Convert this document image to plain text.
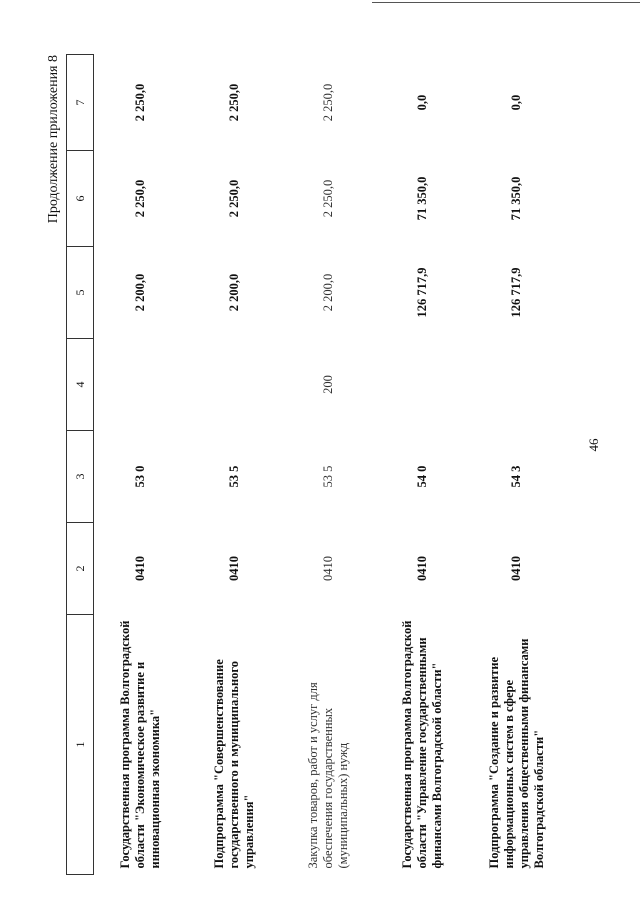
46
Продолжение приложения 8
1	2	3	4	5	6	7
Государственная программа Волгоградской области "Экономическое развитие и инновационная экономика"	0410	53 0		2 200,0	2 250,0	2 250,0
Подпрограмма "Совершенствование государственного и муниципального управления"	0410	53 5		2 200,0	2 250,0	2 250,0
Закупка товаров, работ и услуг для обеспечения государственных (муниципальных) нужд	0410	53 5	200	2 200,0	2 250,0	2 250,0
Государственная программа Волгоградской области "Управление государственными финансами Волгоградской области"	0410	54 0		126 717,9	71 350,0	0,0
Подпрограмма "Создание и развитие информационных систем в сфере управления общественными финансами Волгоградской области"	0410	54 3		126 717,9	71 350,0	0,0
